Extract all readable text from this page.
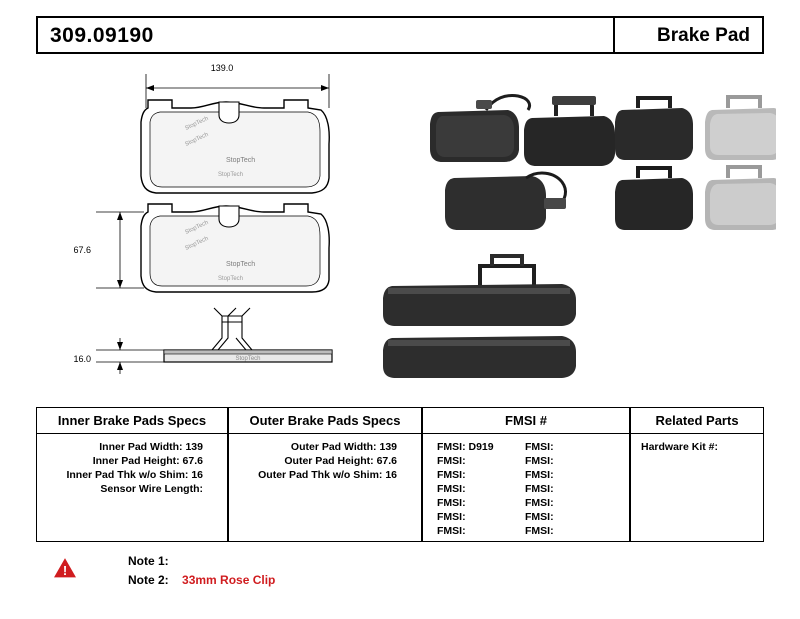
309.09190	Brake Pad
139.0
StopTech
StopTech
StopTech
StopTech
67.6
StopTech
StopTech
StopTech
StopTech
16.0	StopTech
Inner Brake Pads Specs
Inner Pad Width: 139
Inner Pad Height: 67.6
Inner Pad Thk w/o Shim: 16
Sensor Wire Length:
Outer Brake Pads Specs
Outer Pad Width: 139
Outer Pad Height: 67.6
Outer Pad Thk w/o Shim: 16
FMSI #
FMSI: D919	FMSI:
FMSI:	FMSI:
FMSI:	FMSI:
FMSI:	FMSI:
FMSI:	FMSI:
FMSI:	FMSI:
FMSI:	FMSI:
Related Parts
Hardware Kit #:
!
Note 1:
Note 2: 33mm Rose Clip
